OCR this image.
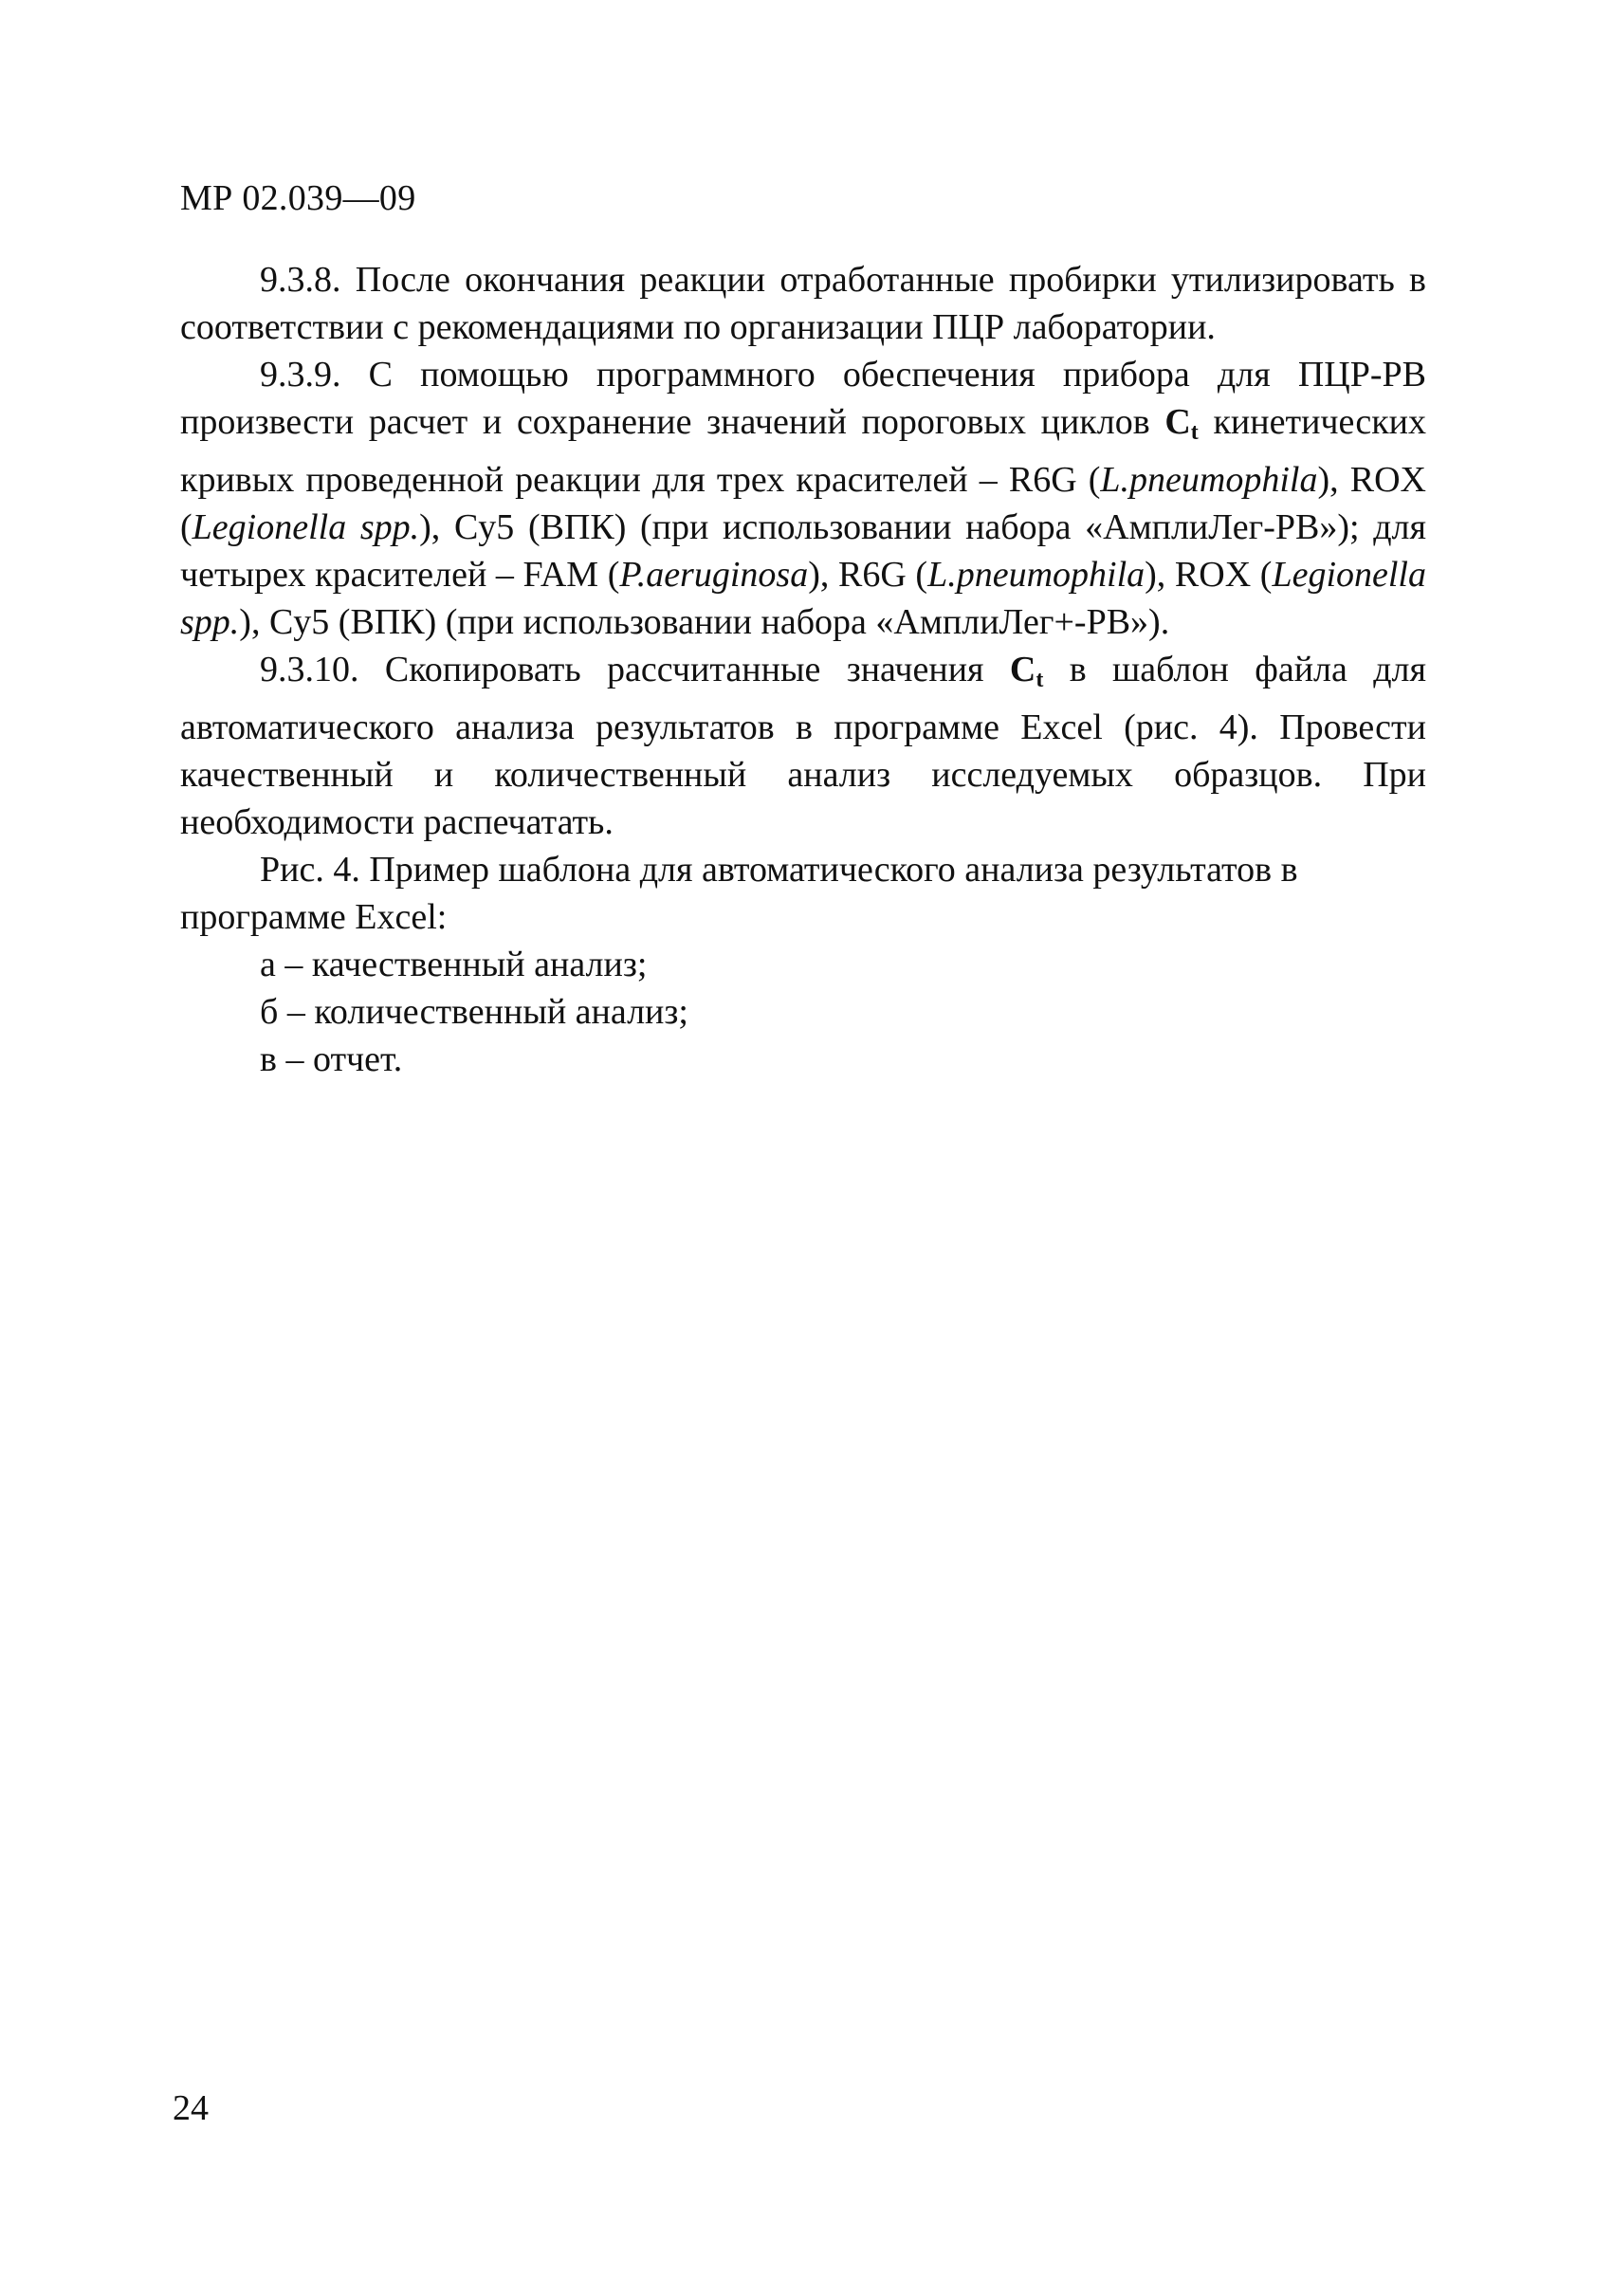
МР 02.039—09

9.3.8. После окончания реакции отработанные пробирки утилизировать в соответствии с рекомендациями по организации ПЦР лаборатории.

9.3.9. С помощью программного обеспечения прибора для ПЦР-РВ произвести расчет и сохранение значений пороговых циклов $C_t$ кинетических кривых проведенной реакции для трех красителей – R6G (L.pneumophila), ROX (Legionella spp.), Cy5 (ВПК) (при использовании набора «АмплиЛег-РВ»); для четырех красителей – FAM (P.aeruginosa), R6G (L.pneumophila), ROX (Legionella spp.), Cy5 (ВПК) (при использовании набора «АмплиЛег+-РВ»).

9.3.10. Скопировать рассчитанные значения $C_t$ в шаблон файла для автоматического анализа результатов в программе Excel (рис. 4). Провести качественный и количественный анализ исследуемых образцов. При необходимости распечатать.

Рис. 4. Пример шаблона для автоматического анализа результатов в программе Excel:

а – качественный анализ;

б – количественный анализ;

в – отчет.

24
